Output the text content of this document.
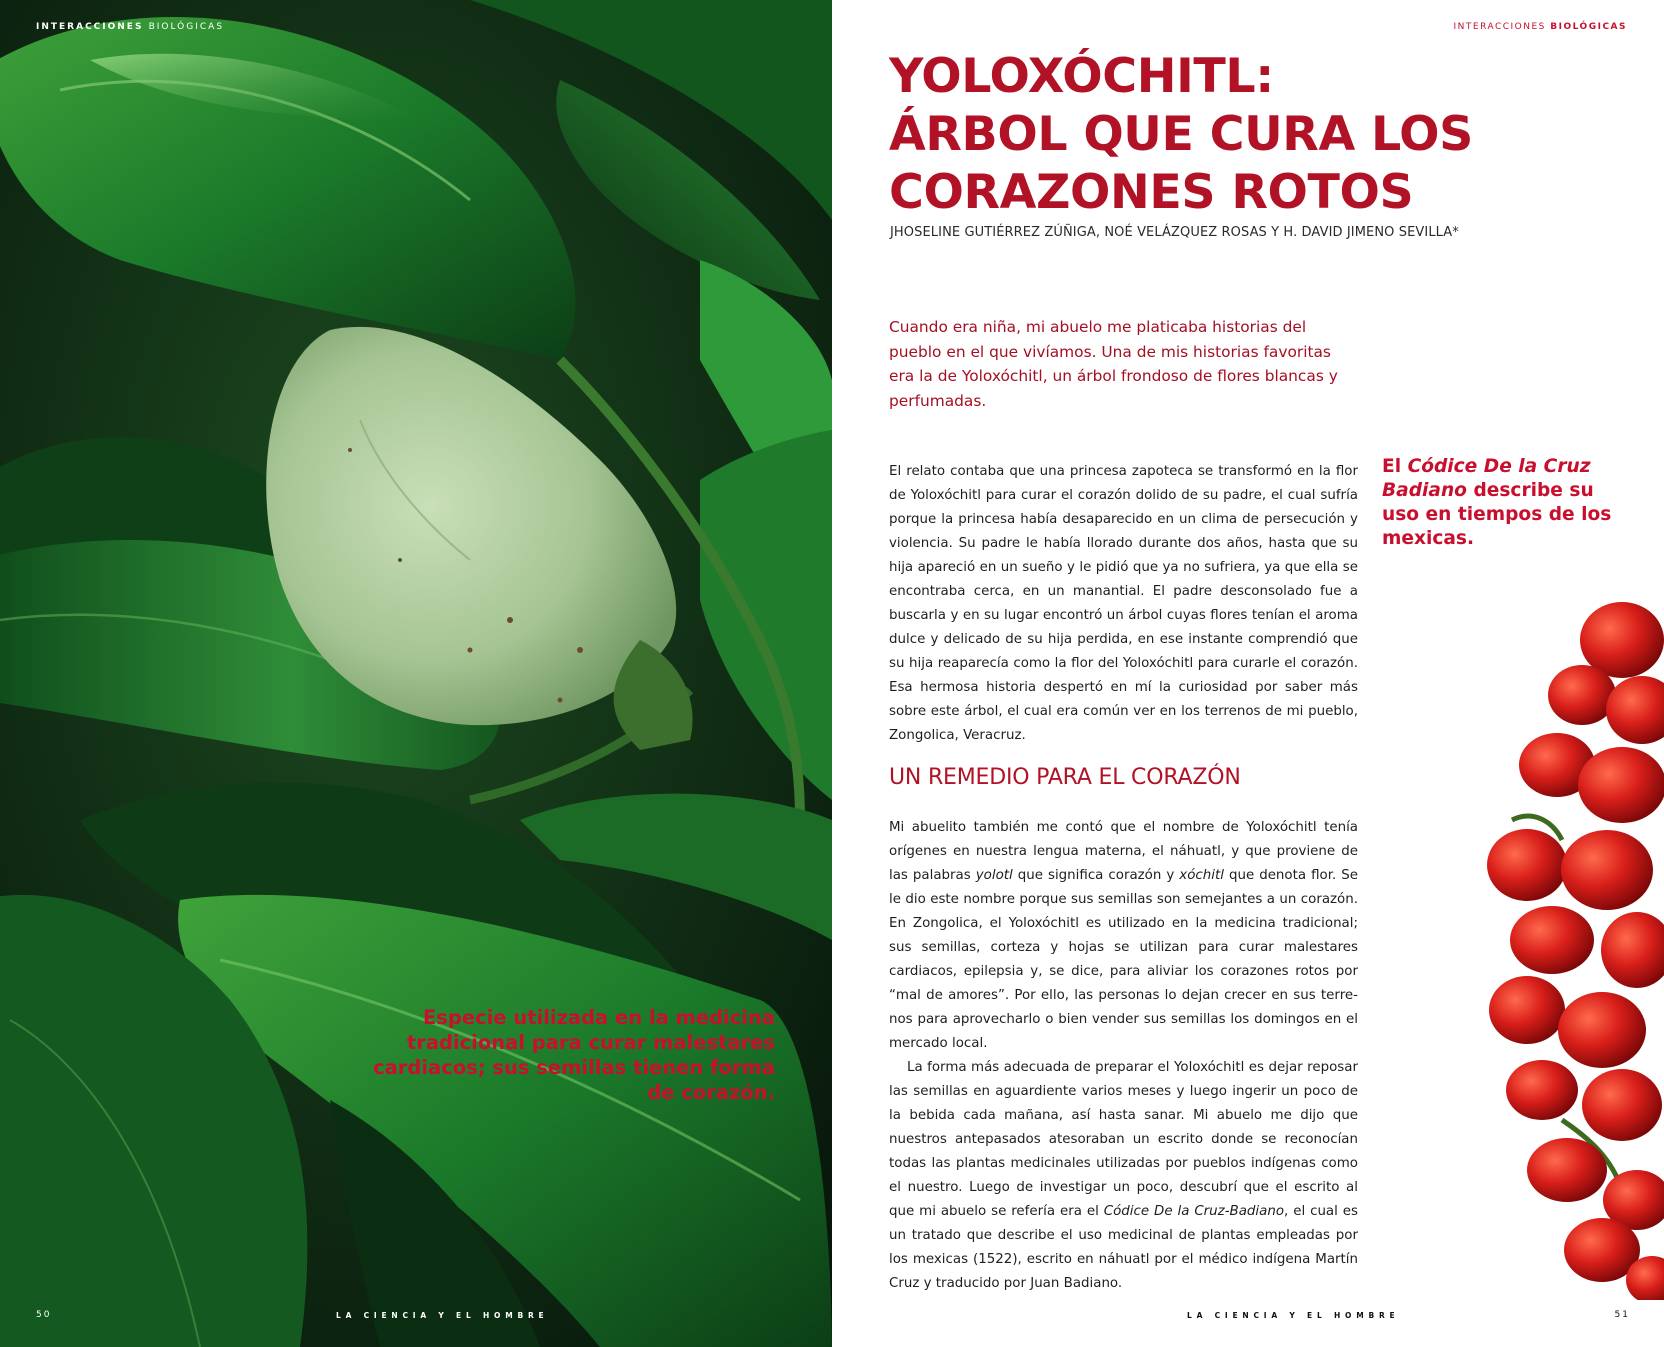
INTERACCIONES BIOLÓGICAS
Especie utilizada en la medicina tradicional para curar malestares cardiacos; sus semillas tienen forma de corazón.
50	LA CIENCIA Y EL HOMBRE
INTERACCIONES BIOLÓGICAS
YOLOXÓCHITL:
ÁRBOL QUE CURA LOS
CORAZONES ROTOS
JHOSELINE GUTIÉRREZ ZÚÑIGA, NOÉ VELÁZQUEZ ROSAS Y H. DAVID JIMENO SEVILLA*

Cuando era niña, mi abuelo me platicaba historias del pueblo en el que vivíamos. Una de mis historias favoritas era la de Yoloxóchitl, un árbol frondoso de flores blancas y perfumadas.

El relato contaba que una princesa zapoteca se transformó en la flor de Yoloxóchitl para curar el corazón dolido de su padre, el cual sufría porque la princesa había desaparecido en un clima de persecución y violencia. Su padre le había llorado durante dos años, hasta que su hija apareció en un sueño y le pidió que ya no sufriera, ya que ella se encontraba cerca, en un manantial. El padre desconsolado fue a buscarla y en su lugar encontró un árbol cuyas flores tenían el aroma dulce y delicado de su hija perdida, en ese instante comprendió que su hija reaparecía como la flor del Yoloxóchitl para curarle el corazón. Esa hermosa historia despertó en mí la curiosidad por saber más sobre este árbol, el cual era común ver en los terrenos de mi pueblo, Zongolica, Veracruz.

UN REMEDIO PARA EL CORAZÓN

Mi abuelito también me contó que el nombre de Yoloxóchitl tenía orígenes en nuestra lengua materna, el náhuatl, y que proviene de las palabras yolotl que significa corazón y xóchitl que denota flor. Se le dio este nombre porque sus semillas son semejantes a un corazón. En Zongolica, el Yoloxóchitl es utilizado en la medicina tradicional; sus semillas, corteza y hojas se utilizan para curar malestares cardiacos, epilepsia y, se dice, para aliviar los corazones rotos por “mal de amores”. Por ello, las personas lo dejan crecer en sus terrenos para aprovecharlo o bien vender sus semillas los domingos en el mercado local.

La forma más adecuada de preparar el Yoloxóchitl es dejar reposar las semillas en aguardiente varios meses y luego ingerir un poco de la bebida cada mañana, así hasta sanar. Mi abuelo me dijo que nuestros antepasados atesoraban un escrito donde se reconocían todas las plantas medicinales utilizadas por pueblos indígenas como el nuestro. Luego de investigar un poco, descubrí que el escrito al que mi abuelo se refería era el Códice De la Cruz-Badiano, el cual es un tratado que describe el uso medicinal de plantas empleadas por los mexicas (1522), escrito en náhuatl por el médico indígena Martín Cruz y traducido por Juan Badiano.

El Códice De la Cruz Badiano describe su uso en tiempos de los mexicas.

LA CIENCIA Y EL HOMBRE	51
